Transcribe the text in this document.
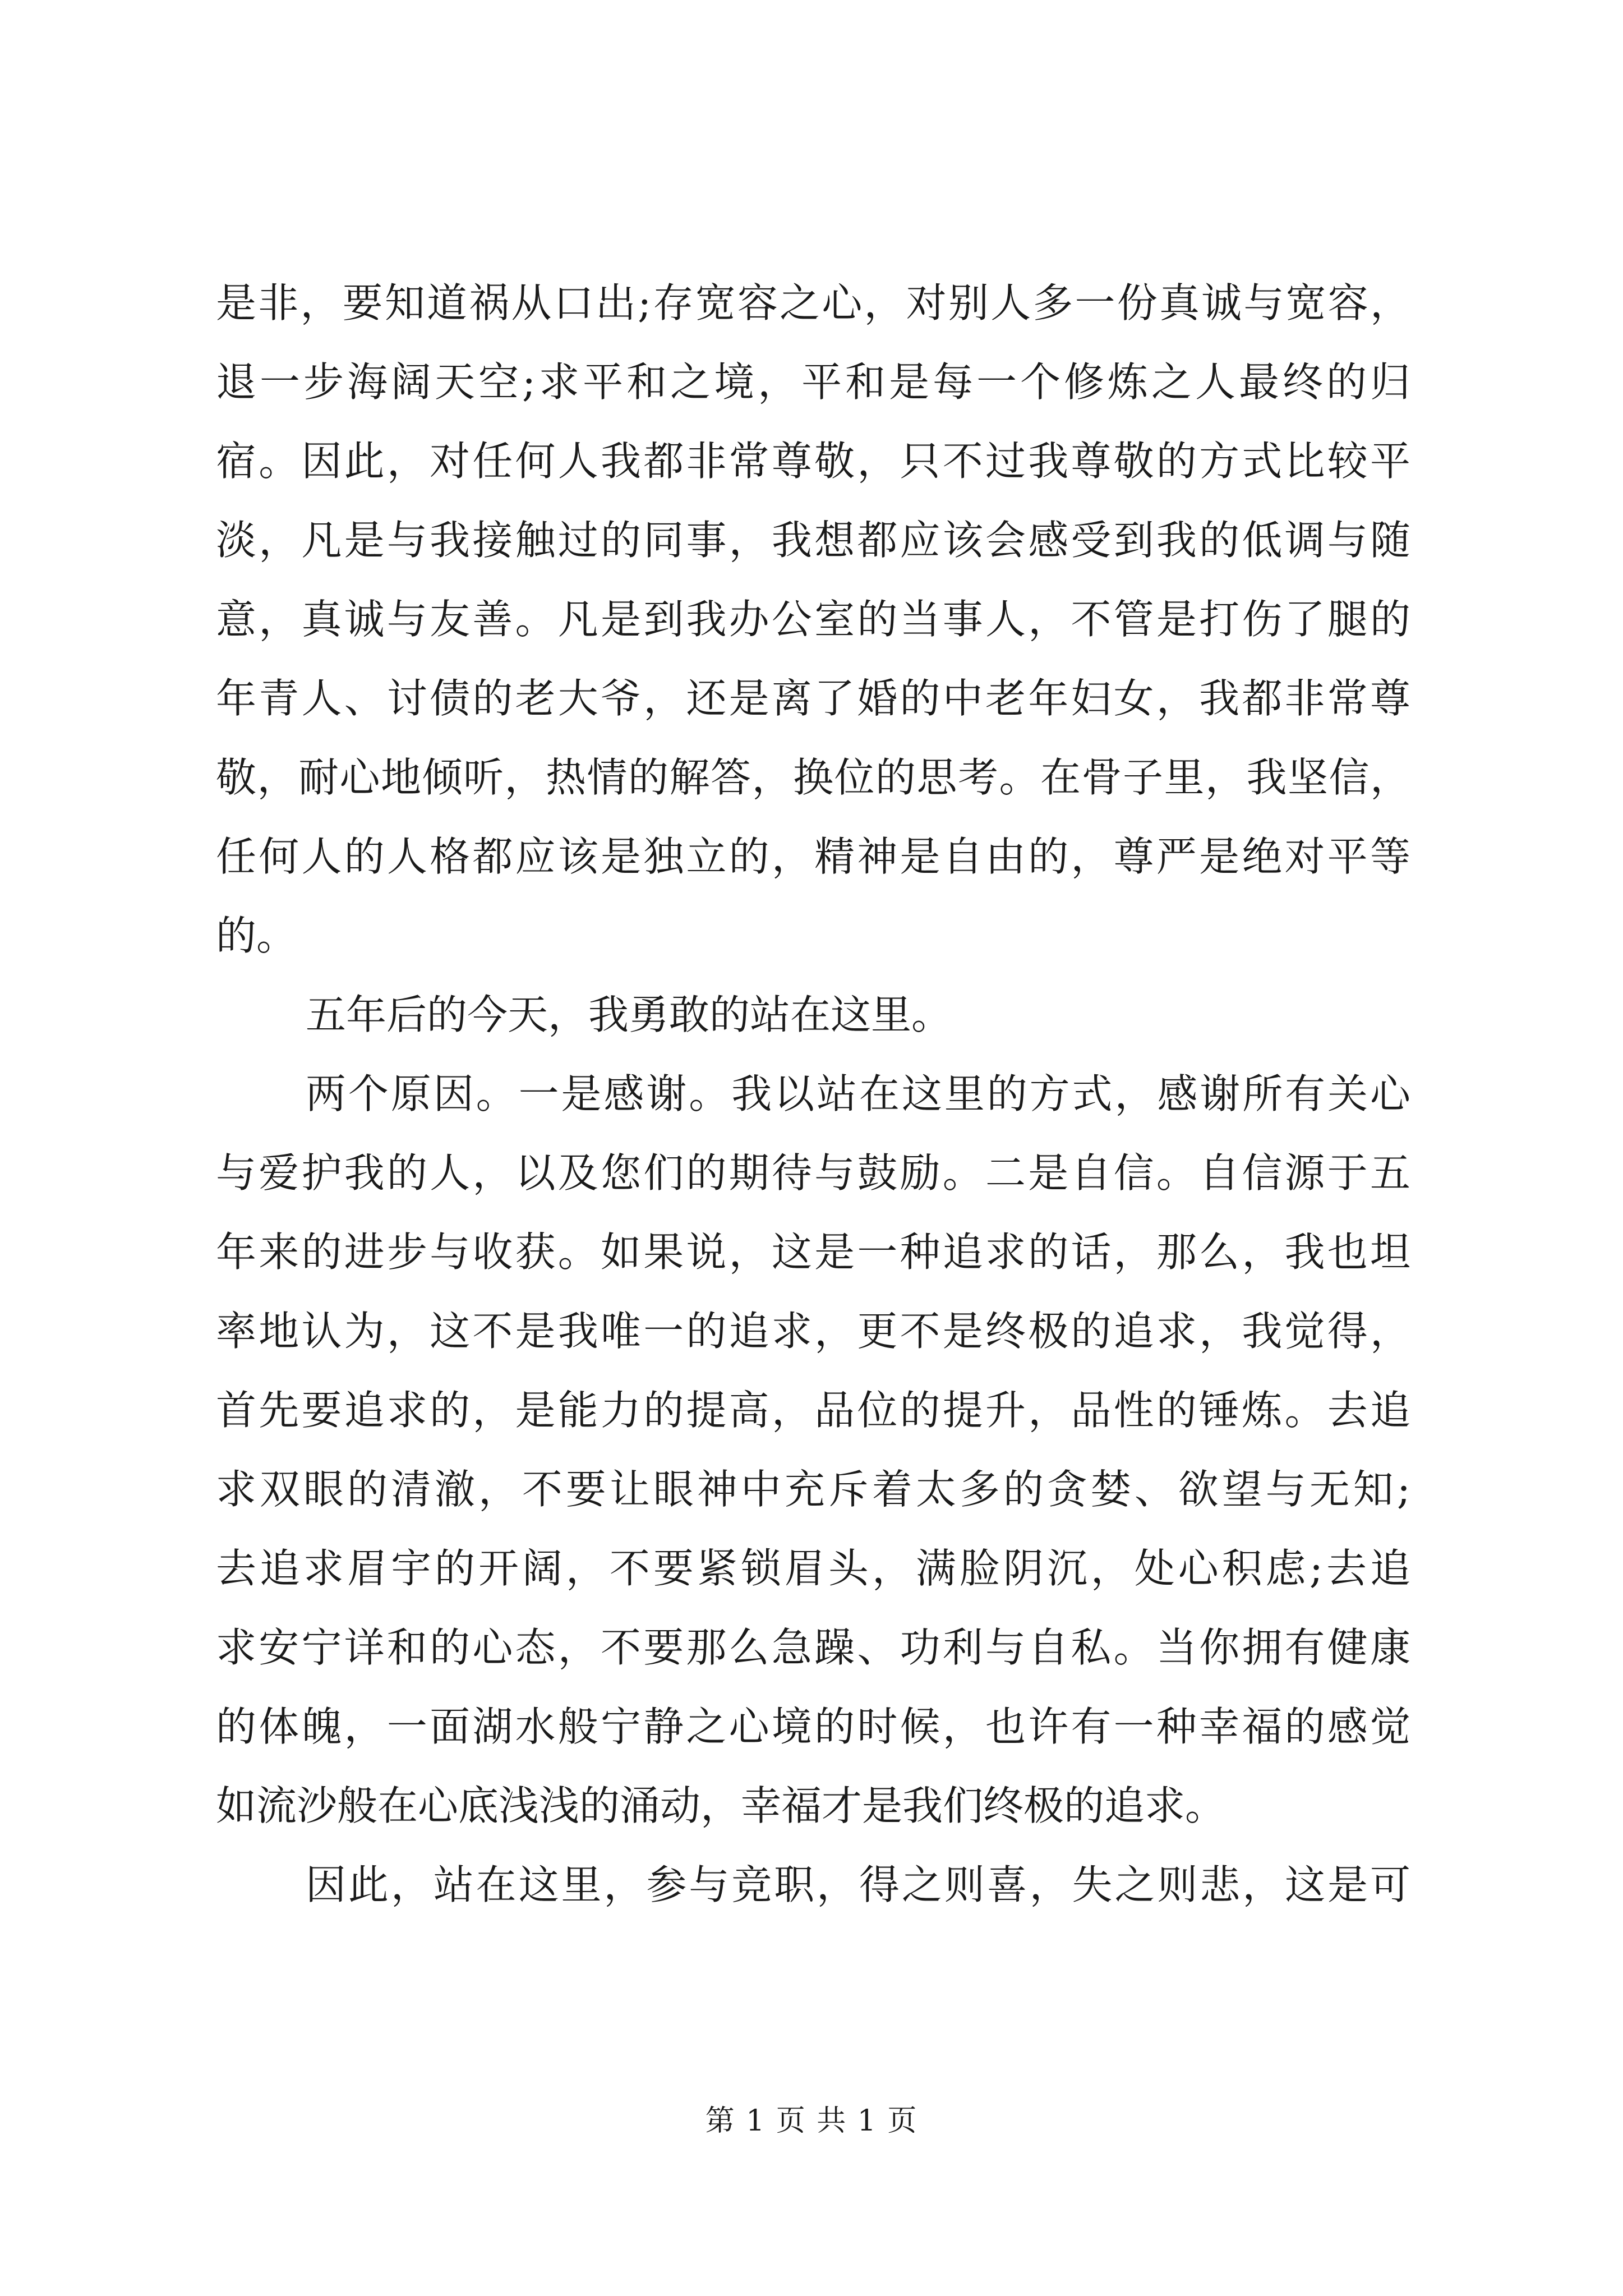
是非，要知道祸从口出;存宽容之心，对别人多一份真诚与宽容，
退一步海阔天空;求平和之境，平和是每一个修炼之人最终的归
宿。因此，对任何人我都非常尊敬，只不过我尊敬的方式比较平
淡，凡是与我接触过的同事，我想都应该会感受到我的低调与随
意，真诚与友善。凡是到我办公室的当事人，不管是打伤了腿的
年青人、讨债的老大爷，还是离了婚的中老年妇女，我都非常尊
敬，耐心地倾听，热情的解答，换位的思考。在骨子里，我坚信，
任何人的人格都应该是独立的，精神是自由的，尊严是绝对平等
的。
五年后的今天，我勇敢的站在这里。
两个原因。一是感谢。我以站在这里的方式，感谢所有关心
与爱护我的人，以及您们的期待与鼓励。二是自信。自信源于五
年来的进步与收获。如果说，这是一种追求的话，那么，我也坦
率地认为，这不是我唯一的追求，更不是终极的追求，我觉得，
首先要追求的，是能力的提高，品位的提升，品性的锤炼。去追
求双眼的清澈，不要让眼神中充斥着太多的贪婪、欲望与无知;
去追求眉宇的开阔，不要紧锁眉头，满脸阴沉，处心积虑;去追
求安宁详和的心态，不要那么急躁、功利与自私。当你拥有健康
的体魄，一面湖水般宁静之心境的时候，也许有一种幸福的感觉
如流沙般在心底浅浅的涌动，幸福才是我们终极的追求。
因此，站在这里，参与竞职，得之则喜，失之则悲，这是可
第 1 页 共 1 页
